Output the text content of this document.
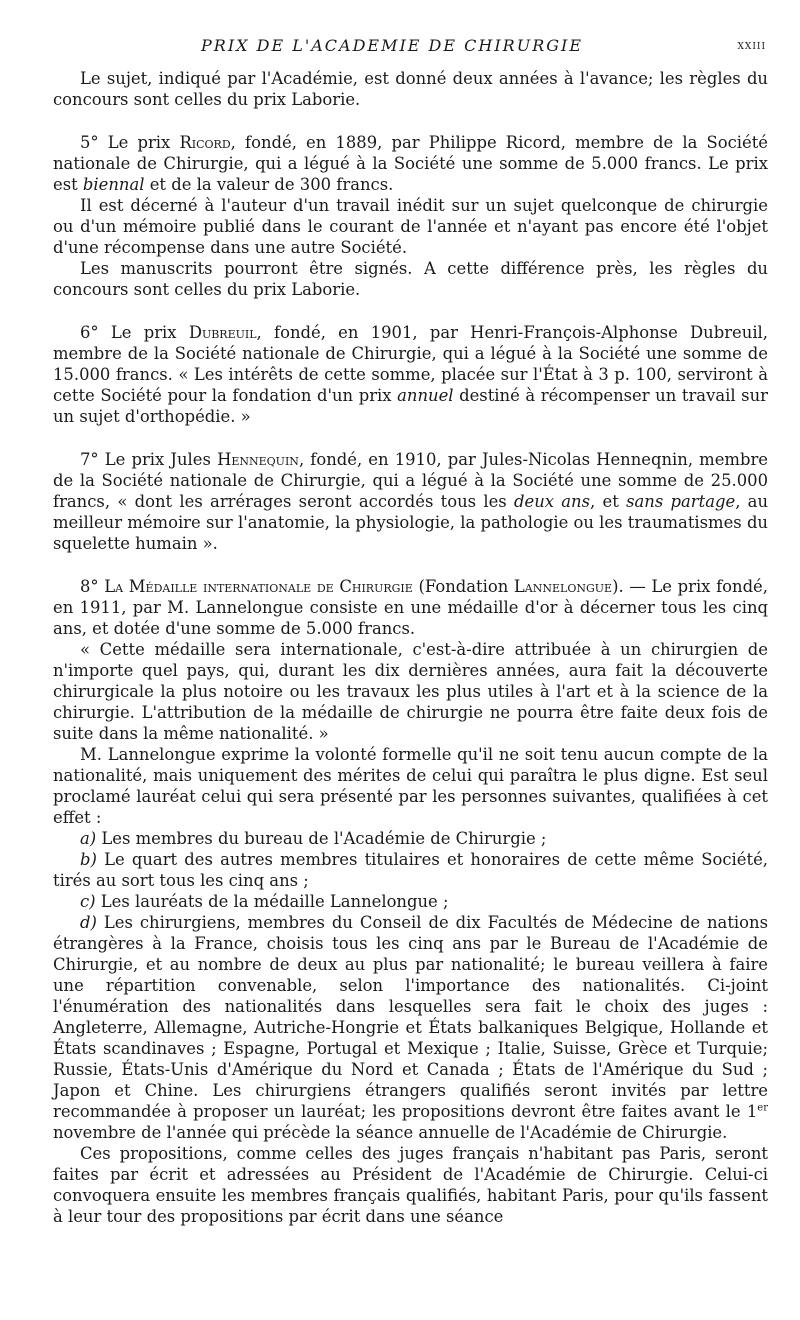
PRIX DE L'ACADEMIE DE CHIRURGIE	xxiii

Le sujet, indiqué par l'Académie, est donné deux années à l'avance; les règles du concours sont celles du prix Laborie.

5° Le prix Ricord, fondé, en 1889, par Philippe Ricord, membre de la Société nationale de Chirurgie, qui a légué à la Société une somme de 5.000 francs. Le prix est biennal et de la valeur de 300 francs.

Il est décerné à l'auteur d'un travail inédit sur un sujet quelconque de chirurgie ou d'un mémoire publié dans le courant de l'année et n'ayant pas encore été l'objet d'une récompense dans une autre Société.

Les manuscrits pourront être signés. A cette différence près, les règles du concours sont celles du prix Laborie.

6° Le prix Dubreuil, fondé, en 1901, par Henri-François-Alphonse Dubreuil, membre de la Société nationale de Chirurgie, qui a légué à la Société une somme de 15.000 francs. « Les intérêts de cette somme, placée sur l'État à 3 p. 100, serviront à cette Société pour la fondation d'un prix annuel destiné à récompenser un travail sur un sujet d'orthopédie. »

7° Le prix Jules Hennequin, fondé, en 1910, par Jules-Nicolas Henneqnin, membre de la Société nationale de Chirurgie, qui a légué à la Société une somme de 25.000 francs, « dont les arrérages seront accordés tous les deux ans, et sans partage, au meilleur mémoire sur l'anatomie, la physiologie, la pathologie ou les traumatismes du squelette humain ».

8° La Médaille internationale de Chirurgie (Fondation Lannelongue). — Le prix fondé, en 1911, par M. Lannelongue consiste en une médaille d'or à décerner tous les cinq ans, et dotée d'une somme de 5.000 francs.

« Cette médaille sera internationale, c'est-à-dire attribuée à un chirurgien de n'importe quel pays, qui, durant les dix dernières années, aura fait la découverte chirurgicale la plus notoire ou les travaux les plus utiles à l'art et à la science de la chirurgie. L'attribution de la médaille de chirurgie ne pourra être faite deux fois de suite dans la même nationalité. »

M. Lannelongue exprime la volonté formelle qu'il ne soit tenu aucun compte de la nationalité, mais uniquement des mérites de celui qui paraîtra le plus digne. Est seul proclamé lauréat celui qui sera présenté par les personnes suivantes, qualifiées à cet effet :

a) Les membres du bureau de l'Académie de Chirurgie ;

b) Le quart des autres membres titulaires et honoraires de cette même Société, tirés au sort tous les cinq ans ;

c) Les lauréats de la médaille Lannelongue ;

d) Les chirurgiens, membres du Conseil de dix Facultés de Médecine de nations étrangères à la France, choisis tous les cinq ans par le Bureau de l'Académie de Chirurgie, et au nombre de deux au plus par nationalité; le bureau veillera à faire une répartition convenable, selon l'importance des nationalités. Ci-joint l'énumération des nationalités dans lesquelles sera fait le choix des juges : Angleterre, Allemagne, Autriche-Hongrie et États balkaniques Belgique, Hollande et États scandinaves ; Espagne, Portugal et Mexique ; Italie, Suisse, Grèce et Turquie; Russie, États-Unis d'Amérique du Nord et Canada ; États de l'Amérique du Sud ; Japon et Chine. Les chirurgiens étrangers qualifiés seront invités par lettre recommandée à proposer un lauréat; les propositions devront être faites avant le 1er novembre de l'année qui précède la séance annuelle de l'Académie de Chirurgie.

Ces propositions, comme celles des juges français n'habitant pas Paris, seront faites par écrit et adressées au Président de l'Académie de Chirurgie. Celui-ci convoquera ensuite les membres français qualifiés, habitant Paris, pour qu'ils fassent à leur tour des propositions par écrit dans une séance
